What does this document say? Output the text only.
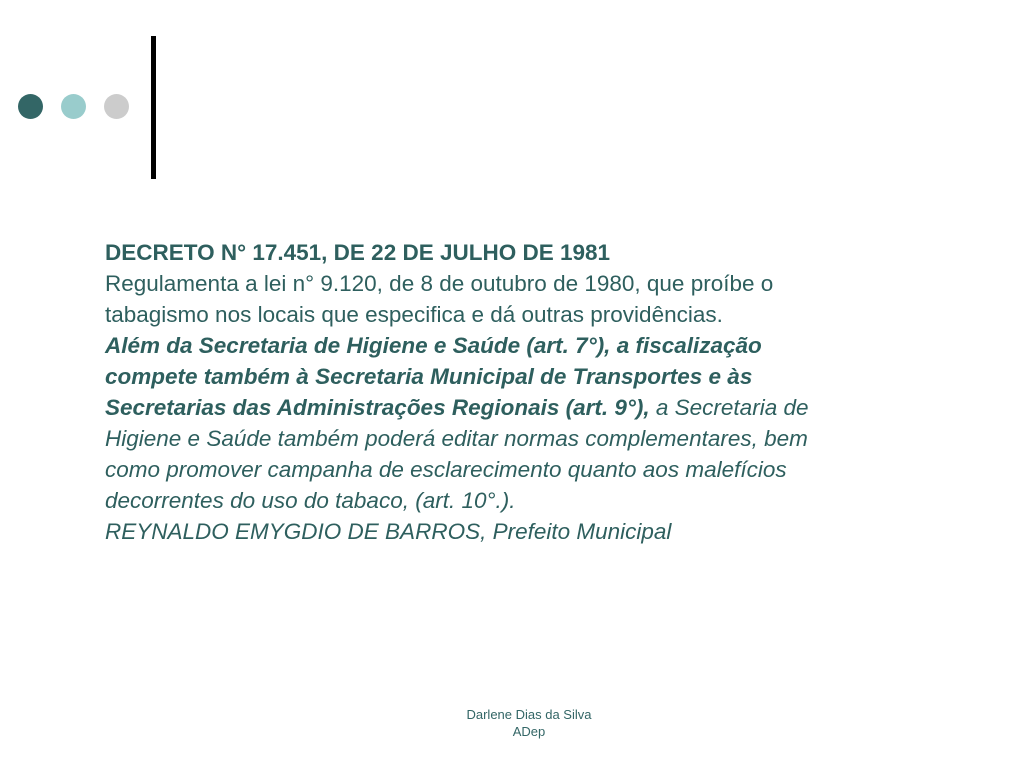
DECRETO N° 17.451, DE 22 DE JULHO DE 1981
Regulamenta a lei n° 9.120, de 8 de outubro de 1980, que proíbe o
tabagismo nos locais que especifica e dá outras providências.
Além da Secretaria de Higiene e Saúde (art. 7°), a fiscalização
compete também à Secretaria Municipal de Transportes e às
Secretarias das Administrações Regionais (art. 9°), a Secretaria de
Higiene e Saúde também poderá editar normas complementares, bem
como promover campanha de esclarecimento quanto aos malefícios
decorrentes do uso do tabaco, (art. 10°.).
REYNALDO EMYGDIO DE BARROS, Prefeito Municipal
Darlene Dias da Silva
ADep
